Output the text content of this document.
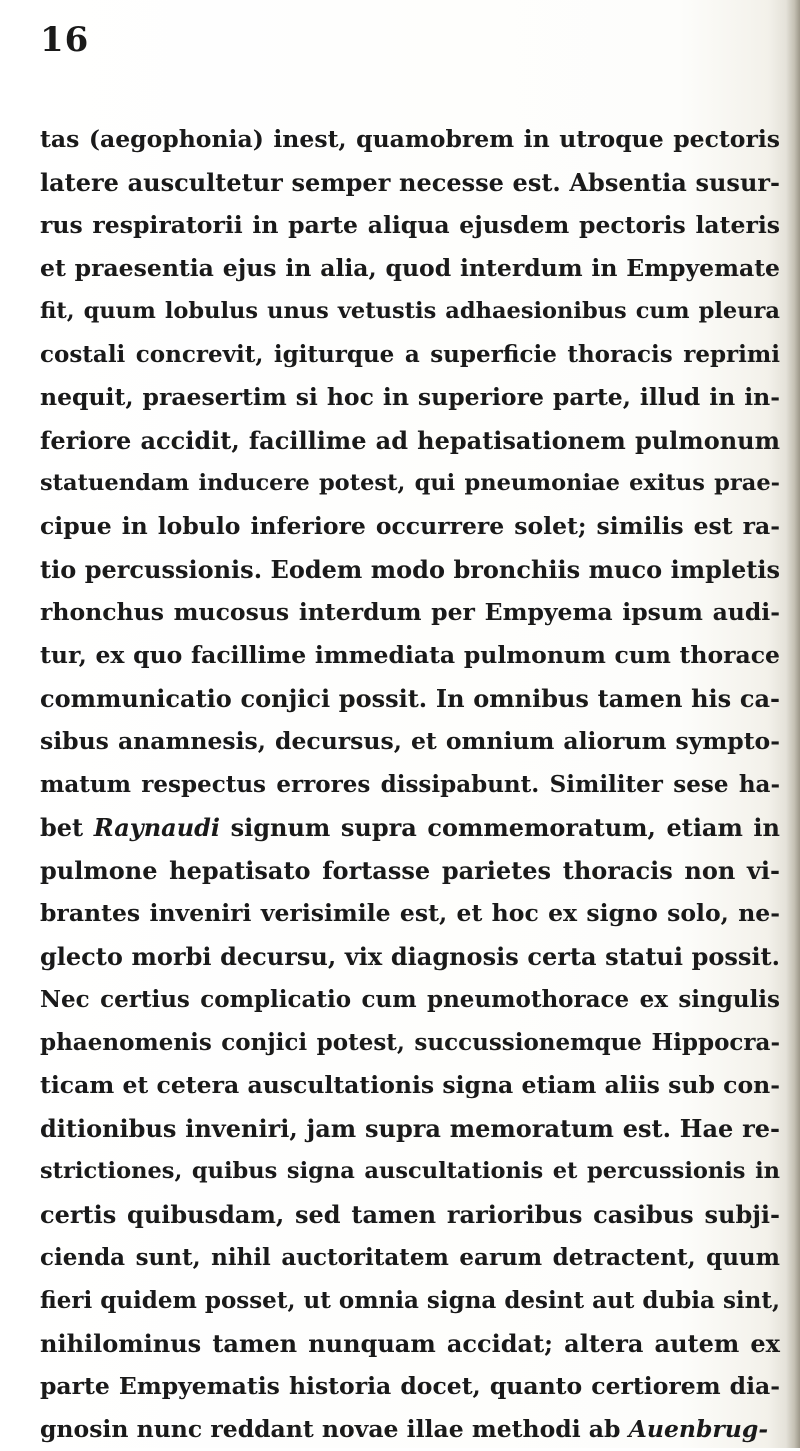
16
tas (aegophonia) inest, quamobrem in utroque pectoris
latere auscultetur semper necesse est. Absentia susur-
rus respiratorii in parte aliqua ejusdem pectoris lateris
et praesentia ejus in alia, quod interdum in Empyemate
fit, quum lobulus unus vetustis adhaesionibus cum pleura
costali concrevit, igiturque a superficie thoracis reprimi
nequit, praesertim si hoc in superiore parte, illud in in-
feriore accidit, facillime ad hepatisationem pulmonum
statuendam inducere potest, qui pneumoniae exitus prae-
cipue in lobulo inferiore occurrere solet; similis est ra-
tio percussionis. Eodem modo bronchiis muco impletis
rhonchus mucosus interdum per Empyema ipsum audi-
tur, ex quo facillime immediata pulmonum cum thorace
communicatio conjici possit. In omnibus tamen his ca-
sibus anamnesis, decursus, et omnium aliorum sympto-
matum respectus errores dissipabunt. Similiter sese ha-
bet Raynaudi signum supra commemoratum, etiam in
pulmone hepatisato fortasse parietes thoracis non vi-
brantes inveniri verisimile est, et hoc ex signo solo, ne-
glecto morbi decursu, vix diagnosis certa statui possit.
Nec certius complicatio cum pneumothorace ex singulis
phaenomenis conjici potest, succussionemque Hippocra-
ticam et cetera auscultationis signa etiam aliis sub con-
ditionibus inveniri, jam supra memoratum est. Hae re-
strictiones, quibus signa auscultationis et percussionis in
certis quibusdam, sed tamen rarioribus casibus subji-
cienda sunt, nihil auctoritatem earum detractent, quum
fieri quidem posset, ut omnia signa desint aut dubia sint,
nihilominus tamen nunquam accidat; altera autem ex
parte Empyematis historia docet, quanto certiorem dia-
gnosin nunc reddant novae illae methodi ab Auenbrug-
